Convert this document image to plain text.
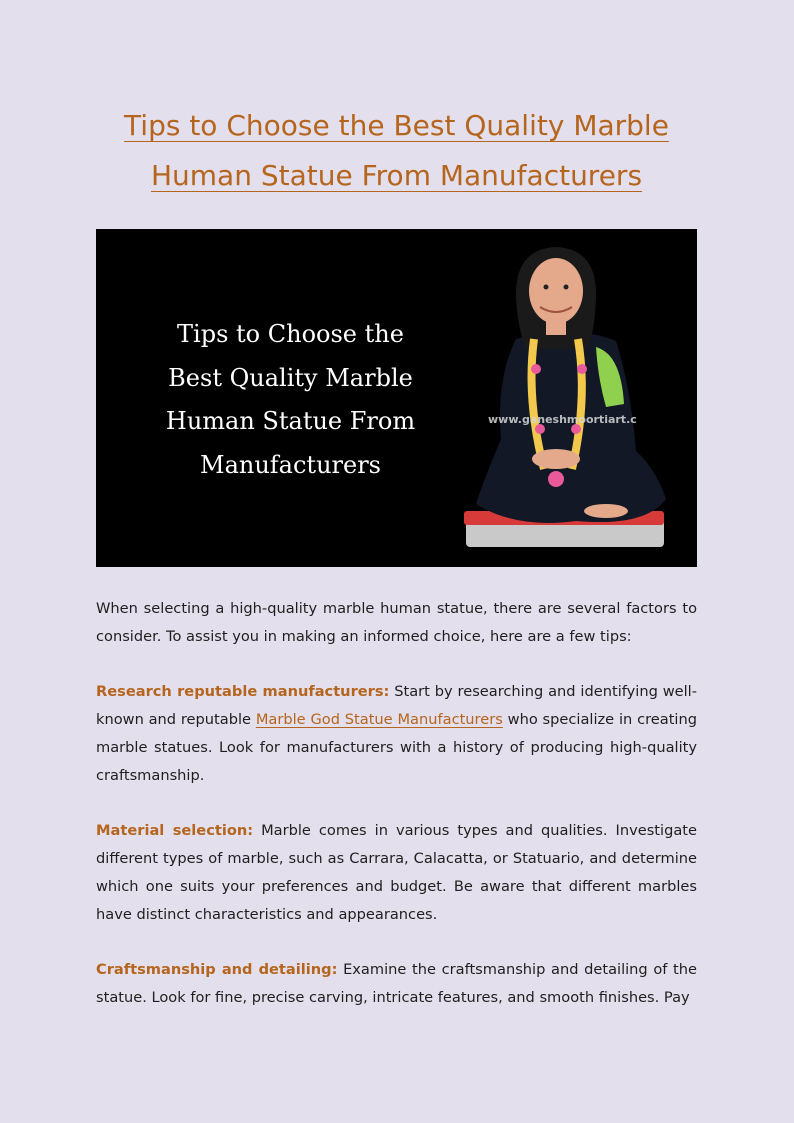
Tips to Choose the Best Quality Marble
Human Statue From Manufacturers
Tips to Choose the
Best Quality Marble
Human Statue From
Manufacturers
www.ganeshmoortiart.c

When selecting a high-quality marble human statue, there are several factors to consider. To assist you in making an informed choice, here are a few tips:

Research reputable manufacturers: Start by researching and identifying well-known and reputable Marble God Statue Manufacturers who specialize in creating marble statues. Look for manufacturers with a history of producing high-quality craftsmanship.

Material selection: Marble comes in various types and qualities. Investigate different types of marble, such as Carrara, Calacatta, or Statuario, and determine which one suits your preferences and budget. Be aware that different marbles have distinct characteristics and appearances.

Craftsmanship and detailing: Examine the craftsmanship and detailing of the statue. Look for fine, precise carving, intricate features, and smooth finishes. Pay
